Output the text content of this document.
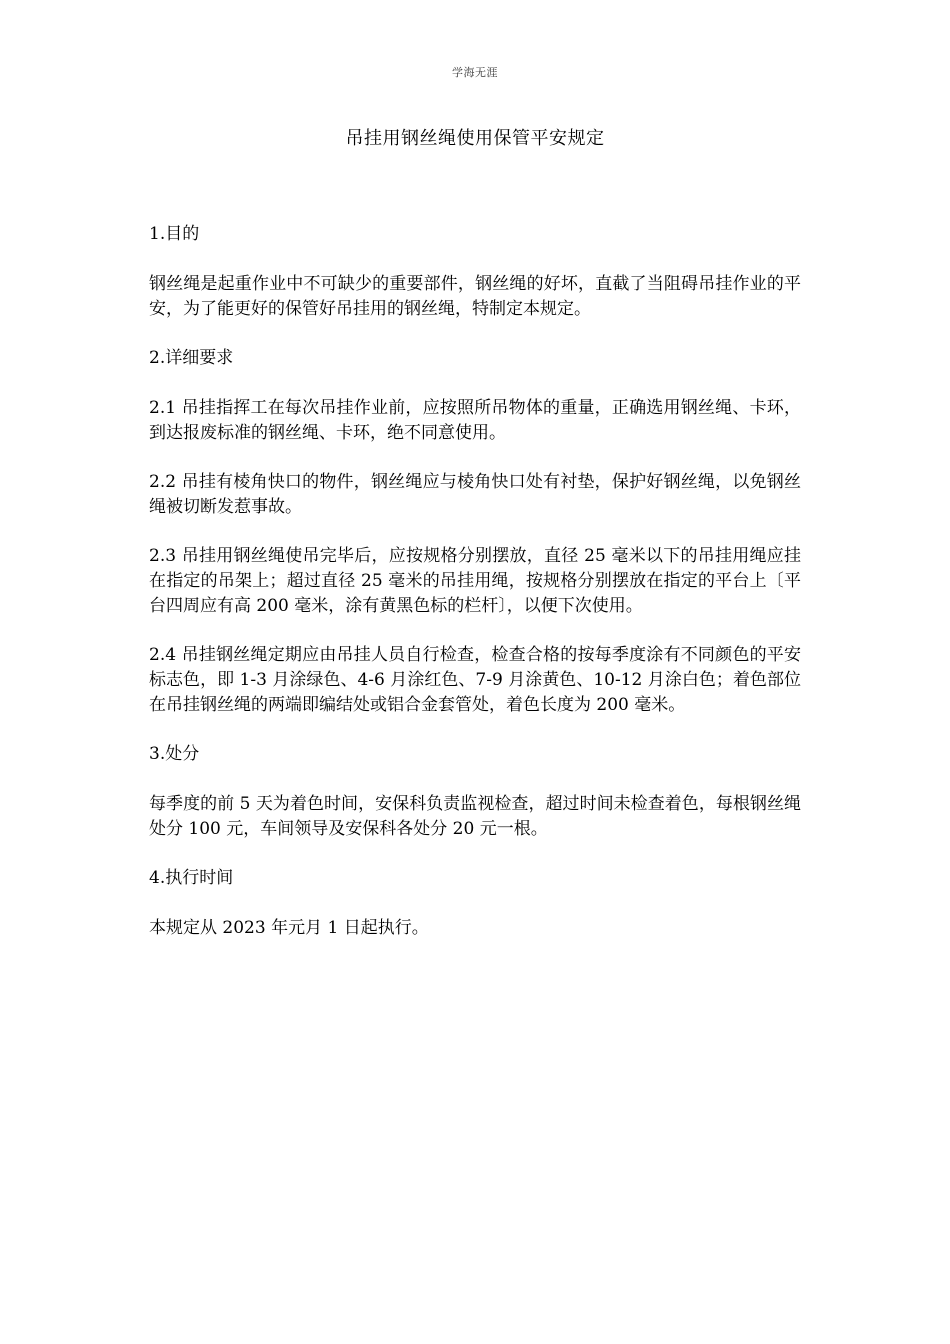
学海无涯
吊挂用钢丝绳使用保管平安规定

1.目的

钢丝绳是起重作业中不可缺少的重要部件，钢丝绳的好坏，直截了当阻碍吊挂作业的平安，为了能更好的保管好吊挂用的钢丝绳，特制定本规定。

2.详细要求

2.1 吊挂指挥工在每次吊挂作业前，应按照所吊物体的重量，正确选用钢丝绳、卡环，到达报废标准的钢丝绳、卡环，绝不同意使用。

2.2 吊挂有棱角快口的物件，钢丝绳应与棱角快口处有衬垫，保护好钢丝绳，以免钢丝绳被切断发惹事故。

2.3 吊挂用钢丝绳使吊完毕后，应按规格分别摆放，直径 25 毫米以下的吊挂用绳应挂在指定的吊架上；超过直径 25 毫米的吊挂用绳，按规格分别摆放在指定的平台上〔平台四周应有高 200 毫米，涂有黄黑色标的栏杆〕，以便下次使用。

2.4 吊挂钢丝绳定期应由吊挂人员自行检查，检查合格的按每季度涂有不同颜色的平安标志色，即 1-3 月涂绿色、4-6 月涂红色、7-9 月涂黄色、10-12 月涂白色；着色部位在吊挂钢丝绳的两端即编结处或铝合金套管处，着色长度为 200 毫米。

3.处分

每季度的前 5 天为着色时间，安保科负责监视检查，超过时间未检查着色，每根钢丝绳处分 100 元，车间领导及安保科各处分 20 元一根。

4.执行时间

本规定从 2023 年元月 1 日起执行。
